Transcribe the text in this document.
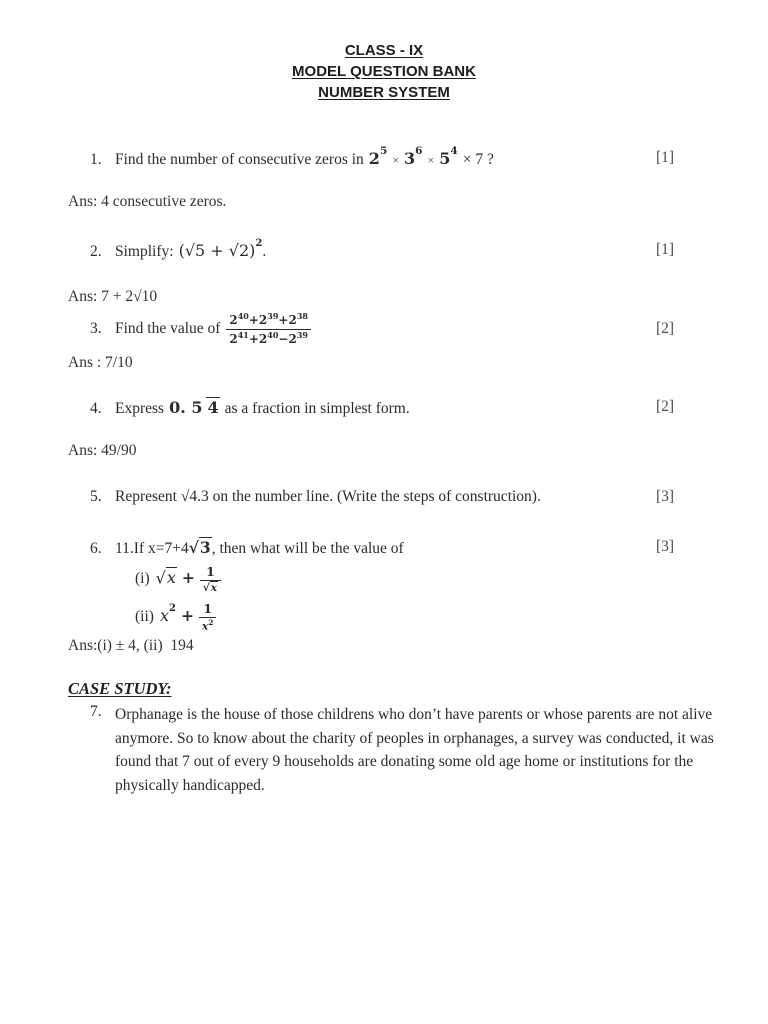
CLASS - IX
MODEL QUESTION BANK
NUMBER SYSTEM
1. Find the number of consecutive zeros in $2^5\times 3^6\times 5^4\times 7$ ?	[1]
Ans: 4 consecutive zeros.
2. Simplify: $(√5 + √2)^2$.	[1]
Ans: 7 + 2√10
3. Find the value of $\frac{2^{40}+2^{39}+2^{38}}{2^{41}+2^{40}-2^{39}}$	[2]
Ans : 7/10
4. Express 0. 5 4 as a fraction in simplest form.	[2]
Ans: 49/90
5. Represent √4.3 on the number line. (Write the steps of construction).	[3]
6. 11.If x=7+4√3, then what will be the value of	[3]
(i) $√x + \frac{1}{√x}$
(ii) $x^2 + \frac{1}{x^2}$
Ans:(i) ± 4, (ii)  194
CASE STUDY:
7. Orphanage is the house of those childrens who don’t have parents or whose parents are not alive anymore. So to know about the charity of peoples in orphanages, a survey was conducted, it was found that 7 out of every 9 households are donating some old age home or institutions for the physically handicapped.
